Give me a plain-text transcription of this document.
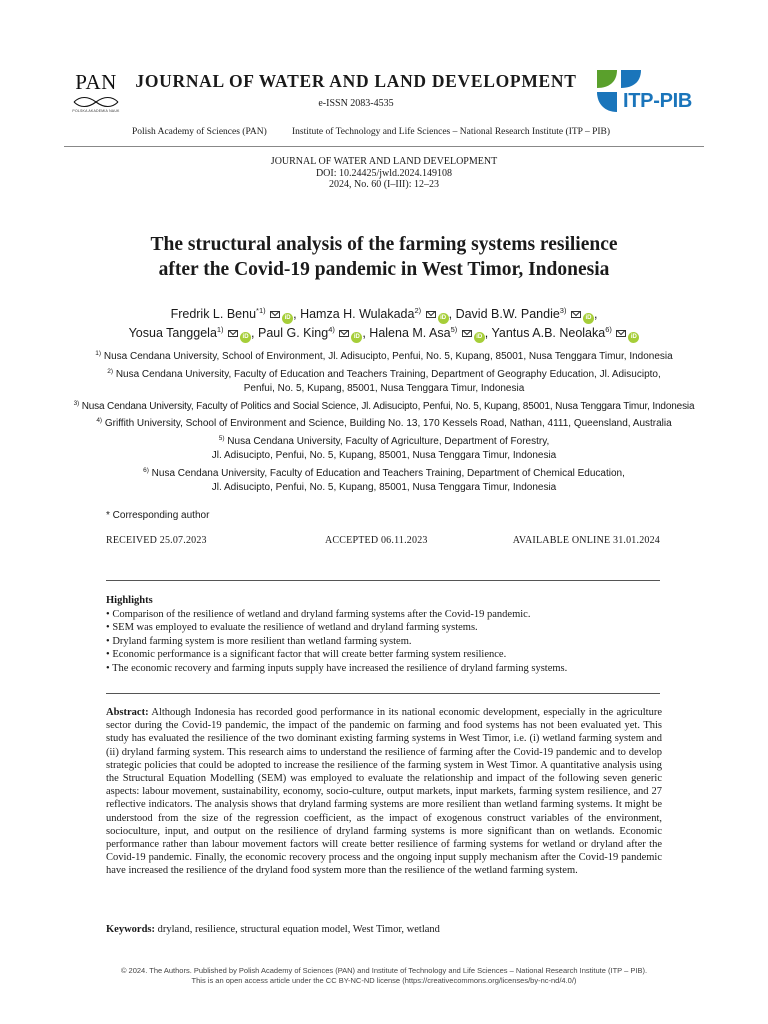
PAN
POLSKA AKADEMIA NAUK
JOURNAL OF WATER AND LAND DEVELOPMENT
e-ISSN 2083-4535	ITP-PIB
Polish Academy of Sciences (PAN)	Institute of Technology and Life Sciences – National Research Institute (ITP – PIB)
JOURNAL OF WATER AND LAND DEVELOPMENT
DOI: 10.24425/jwld.2024.149108
2024, No. 60 (I–III): 12–23
The structural analysis of the farming systems resilience
after the Covid-19 pandemic in West Timor, Indonesia
Fredrik L. Benu$^{*1)}$ iD , Hamza H. Wulakada$^{2)}$ iD , David B.W. Pandie$^{3)}$ iD ,
Yosua Tanggela$^{1)}$ iD , Paul G. King$^{4)}$ iD , Halena M. Asa$^{5)}$ iD , Yantus A.B. Neolaka$^{6)}$ iD
$^{1)}$ Nusa Cendana University, School of Environment, Jl. Adisucipto, Penfui, No. 5, Kupang, 85001, Nusa Tenggara Timur, Indonesia
$^{2)}$ Nusa Cendana University, Faculty of Education and Teachers Training, Department of Geography Education, Jl. Adisucipto,
Penfui, No. 5, Kupang, 85001, Nusa Tenggara Timur, Indonesia
$^{3)}$ Nusa Cendana University, Faculty of Politics and Social Science, Jl. Adisucipto, Penfui, No. 5, Kupang, 85001, Nusa Tenggara Timur, Indonesia
$^{4)}$ Griffith University, School of Environment and Science, Building No. 13, 170 Kessels Road, Nathan, 4111, Queensland, Australia
$^{5)}$ Nusa Cendana University, Faculty of Agriculture, Department of Forestry,
Jl. Adisucipto, Penfui, No. 5, Kupang, 85001, Nusa Tenggara Timur, Indonesia
$^{6)}$ Nusa Cendana University, Faculty of Education and Teachers Training, Department of Chemical Education,
Jl. Adisucipto, Penfui, No. 5, Kupang, 85001, Nusa Tenggara Timur, Indonesia
* Corresponding author
RECEIVED 25.07.2023	ACCEPTED 06.11.2023	AVAILABLE ONLINE 31.01.2024
Highlights
• Comparison of the resilience of wetland and dryland farming systems after the Covid-19 pandemic.
• SEM was employed to evaluate the resilience of wetland and dryland farming systems.
• Dryland farming system is more resilient than wetland farming system.
• Economic performance is a significant factor that will create better farming system resilience.
• The economic recovery and farming inputs supply have increased the resilience of dryland farming systems.
Abstract: Although Indonesia has recorded good performance in its national economic development, especially in the agriculture sector during the Covid-19 pandemic, the impact of the pandemic on farming and food systems has not been evaluated yet. This study has evaluated the resilience of the two dominant existing farming systems in West Timor, i.e. (i) wetland farming system and (ii) dryland farming system. This research aims to understand the resilience of farming after the Covid-19 pandemic and to develop strategic policies that could be adopted to increase the resilience of the farming system in West Timor. A quantitative analysis using the Structural Equation Modelling (SEM) was employed to evaluate the relationship and impact of the following seven generic aspects: labour movement, sustainability, economy, socio-culture, output markets, input markets, farming system resilience, and 27 reflective indicators. The analysis shows that dryland farming systems are more resilient than wetland farming systems. It might be understood from the size of the regression coefficient, as the impact of exogenous construct variables of the environment, socioculture, input, and output on the resilience of dryland farming systems is more significant than on wetlands. Economic performance rather than labour movement factors will create better resilience of farming systems for wetland or dryland after the Covid-19 pandemic. Finally, the economic recovery process and the ongoing input supply mechanism after the Covid-19 pandemic have increased the resilience of the dryland food system more than the resilience of the wetland farming system.
Keywords: dryland, resilience, structural equation model, West Timor, wetland
© 2024. The Authors. Published by Polish Academy of Sciences (PAN) and Institute of Technology and Life Sciences – National Research Institute (ITP – PIB).
This is an open access article under the CC BY-NC-ND license (https://creativecommons.org/licenses/by-nc-nd/4.0/)
